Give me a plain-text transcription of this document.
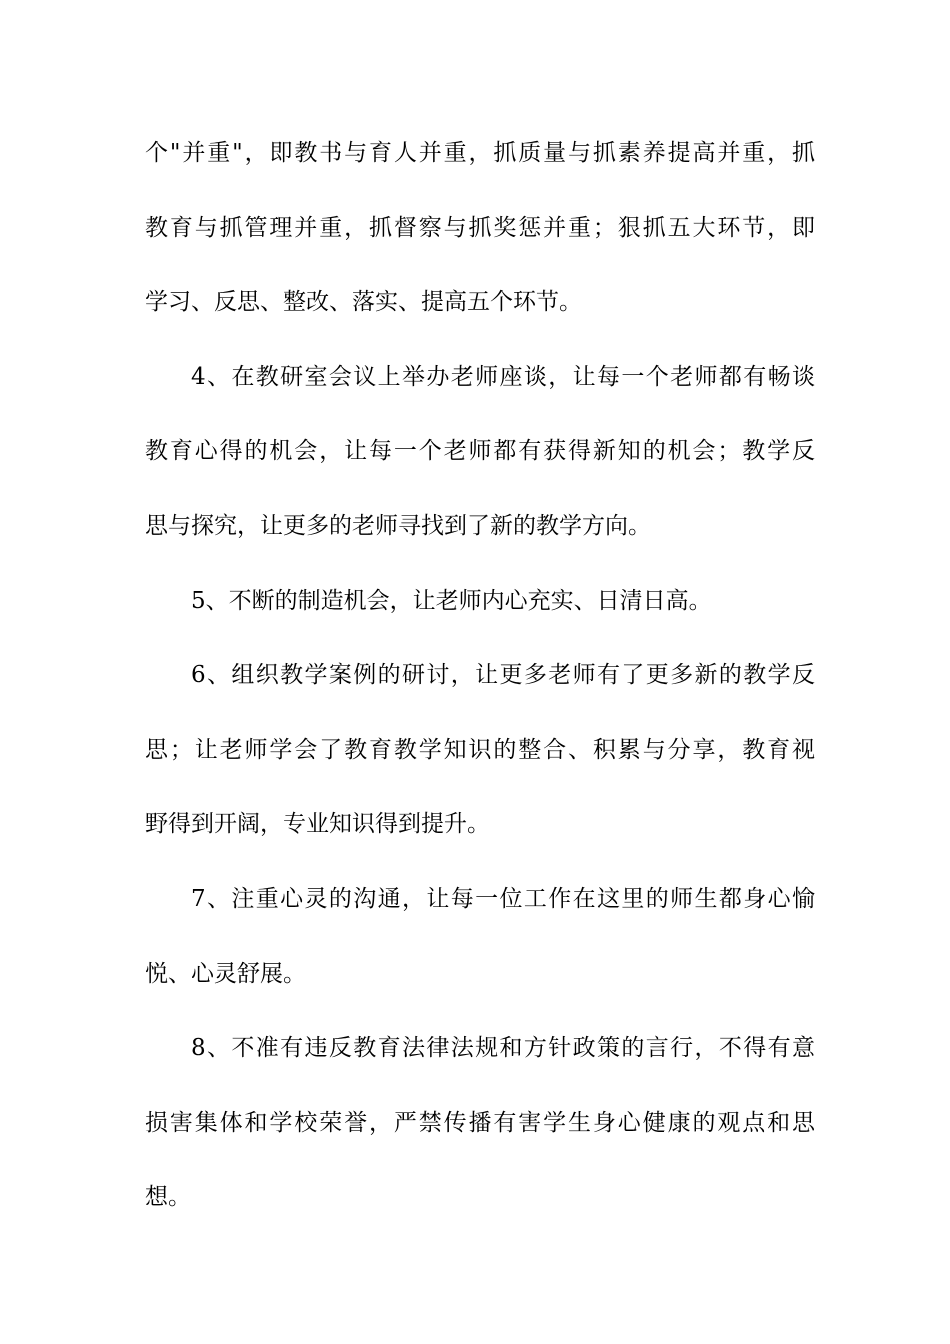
个"并重"，即教书与育人并重，抓质量与抓素养提高并重，抓
教育与抓管理并重，抓督察与抓奖惩并重；狠抓五大环节，即
学习、反思、整改、落实、提高五个环节。
4、在教研室会议上举办老师座谈，让每一个老师都有畅谈
教育心得的机会，让每一个老师都有获得新知的机会；教学反
思与探究，让更多的老师寻找到了新的教学方向。
5、不断的制造机会，让老师内心充实、日清日高。
6、组织教学案例的研讨，让更多老师有了更多新的教学反
思；让老师学会了教育教学知识的整合、积累与分享，教育视
野得到开阔，专业知识得到提升。
7、注重心灵的沟通，让每一位工作在这里的师生都身心愉
悦、心灵舒展。
8、不准有违反教育法律法规和方针政策的言行，不得有意
损害集体和学校荣誉，严禁传播有害学生身心健康的观点和思
想。
